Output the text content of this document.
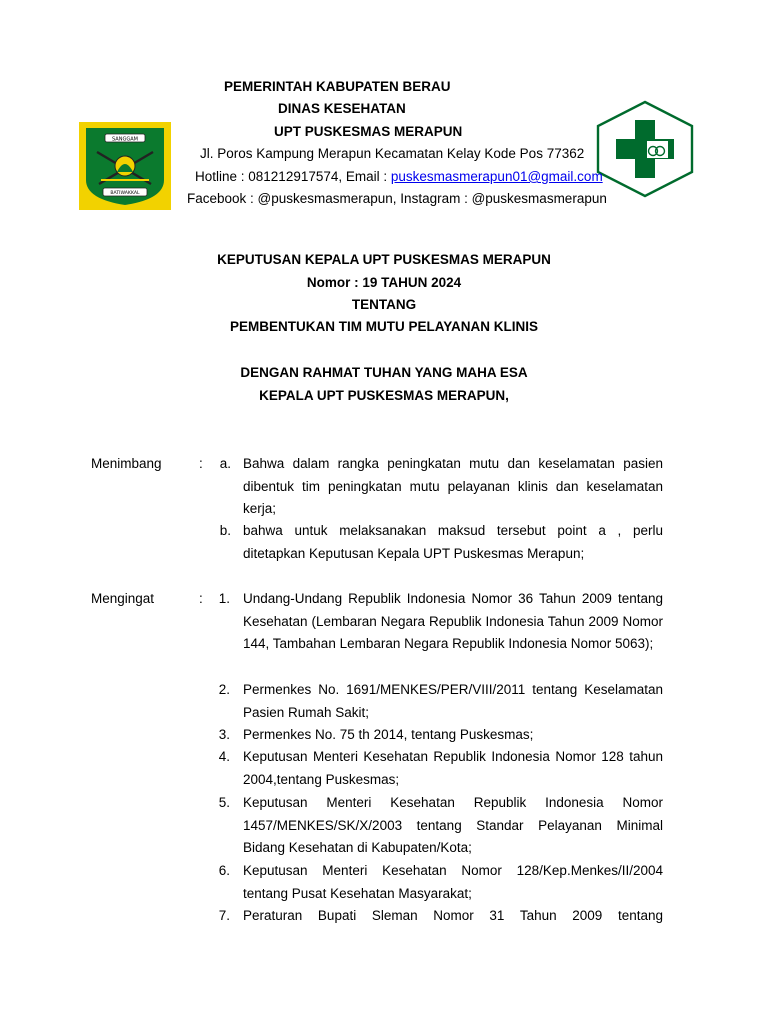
SANGGAM
BATIWAKKAL
PEMERINTAH KABUPATEN BERAU
DINAS KESEHATAN
UPT PUSKESMAS MERAPUN
Jl. Poros Kampung Merapun Kecamatan Kelay Kode Pos 77362
Hotline : 081212917574, Email : puskesmasmerapun01@gmail.com
Facebook : @puskesmasmerapun, Instagram : @puskesmasmerapun
KEPUTUSAN KEPALA UPT PUSKESMAS MERAPUN
Nomor : 19 TAHUN 2024
TENTANG
PEMBENTUKAN TIM MUTU PELAYANAN KLINIS
DENGAN RAHMAT TUHAN YANG MAHA ESA
KEPALA UPT PUSKESMAS MERAPUN,
Menimbang	:	a. Bahwa dalam rangka peningkatan mutu dan keselamatan pasien dibentuk tim peningkatan mutu pelayanan klinis dan keselamatan kerja;
b. bahwa untuk melaksanakan maksud tersebut point a , perlu ditetapkan Keputusan Kepala UPT Puskesmas Merapun;
Mengingat	:	1. Undang-Undang Republik Indonesia Nomor 36 Tahun 2009 tentang Kesehatan (Lembaran Negara Republik Indonesia Tahun 2009 Nomor 144, Tambahan Lembaran Negara Republik Indonesia Nomor 5063);
2. Permenkes No. 1691/MENKES/PER/VIII/2011 tentang Keselamatan Pasien Rumah Sakit;
3. Permenkes No. 75 th 2014, tentang Puskesmas;
4. Keputusan Menteri Kesehatan Republik Indonesia Nomor 128 tahun 2004,tentang Puskesmas;
5. Keputusan Menteri Kesehatan Republik Indonesia Nomor 1457/MENKES/SK/X/2003 tentang Standar Pelayanan Minimal Bidang Kesehatan di Kabupaten/Kota;
6. Keputusan Menteri Kesehatan Nomor 128/Kep.Menkes/II/2004 tentang Pusat Kesehatan Masyarakat;
7. Peraturan Bupati Sleman Nomor 31 Tahun 2009 tentang
